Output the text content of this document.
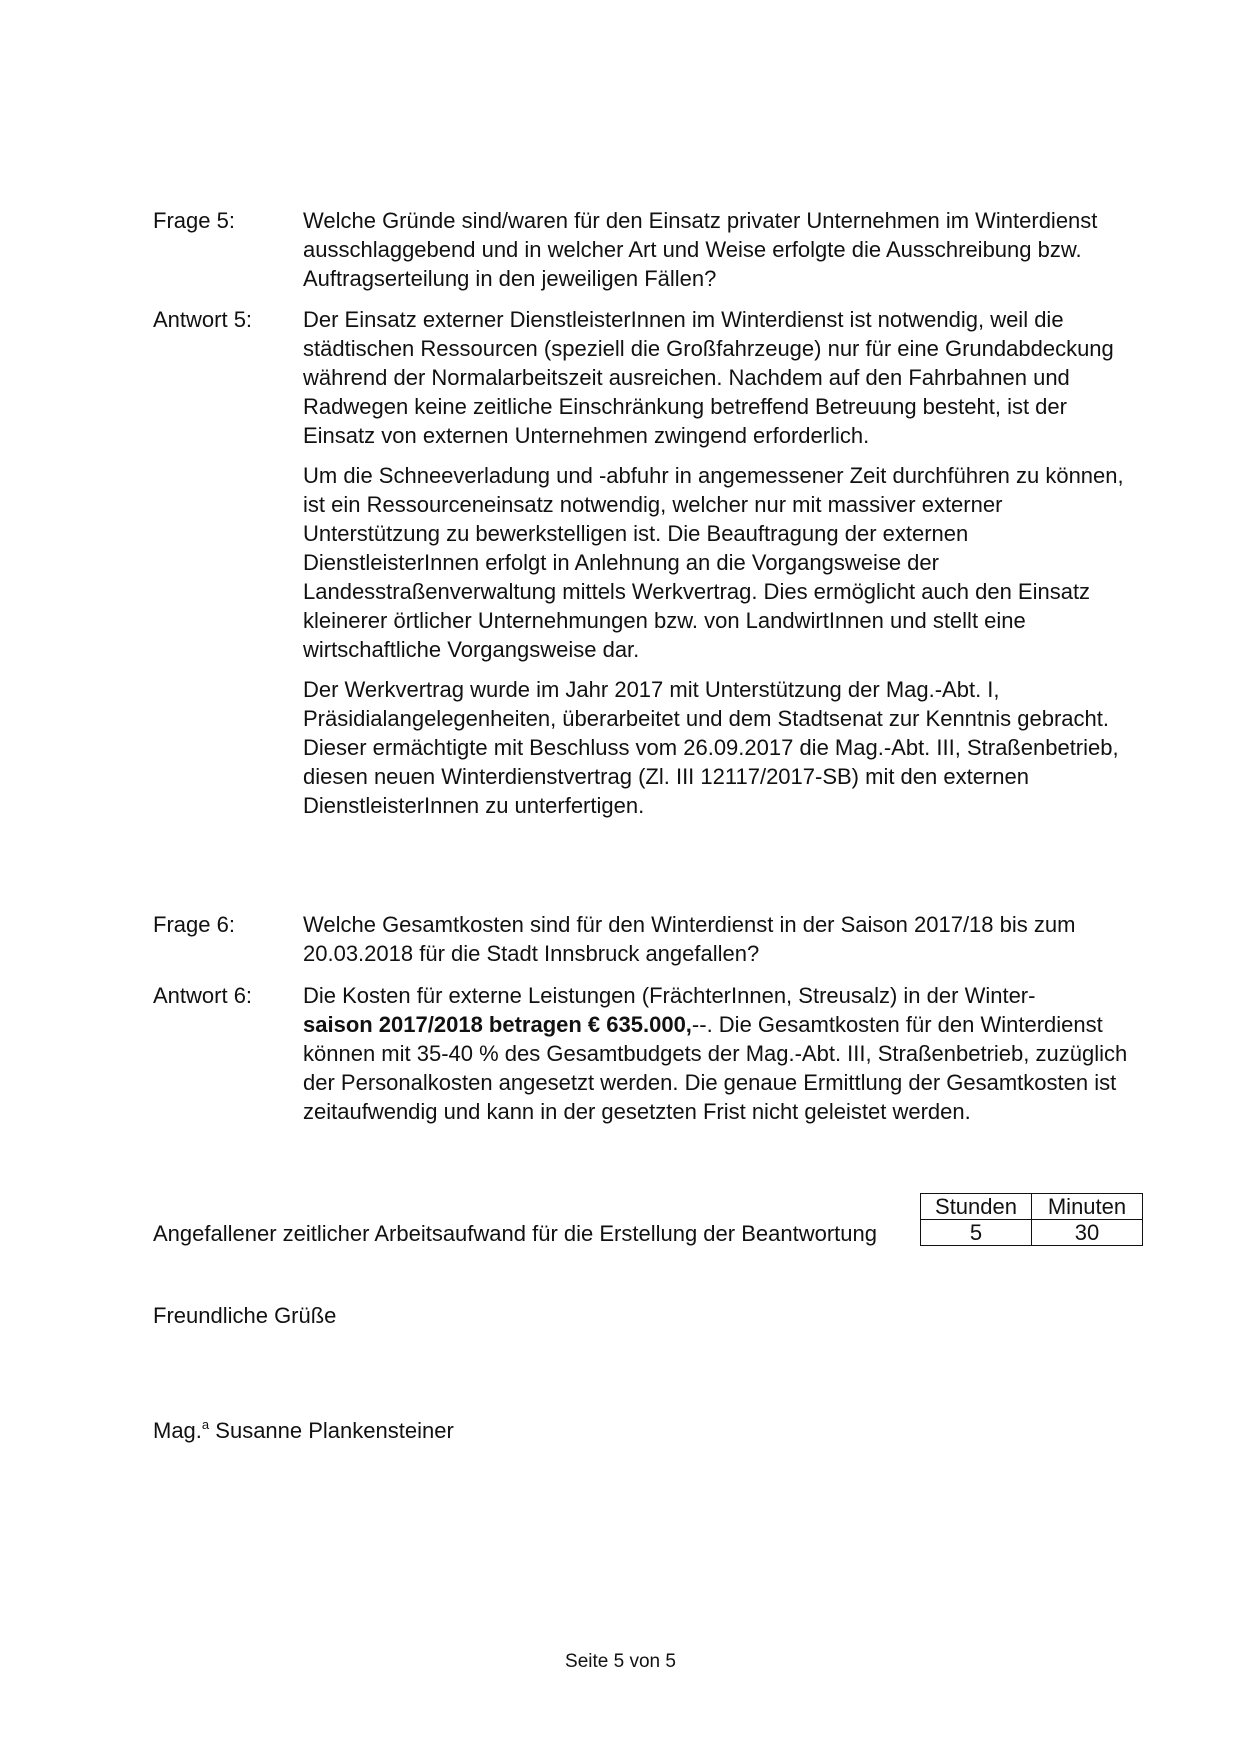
Frage 5:	Welche Gründe sind/waren für den Einsatz privater Unternehmen im Winterdienst ausschlaggebend und in welcher Art und Weise erfolgte die Ausschreibung bzw. Auftragserteilung in den jeweiligen Fällen?

Antwort 5: Der Einsatz externer DienstleisterInnen im Winterdienst ist notwendig, weil die städtischen Ressourcen (speziell die Großfahrzeuge) nur für eine Grundabdeckung während der Normalarbeitszeit ausreichen. Nachdem auf den Fahrbahnen und Radwegen keine zeitliche Einschränkung betreffend Betreuung besteht, ist der Einsatz von externen Unternehmen zwingend erforderlich.

Um die Schneeverladung und -abfuhr in angemessener Zeit durchführen zu können, ist ein Ressourceneinsatz notwendig, welcher nur mit massiver externer Unterstützung zu bewerkstelligen ist. Die Beauftragung der externen DienstleisterInnen erfolgt in Anlehnung an die Vorgangsweise der Landesstraßenverwaltung mittels Werkvertrag. Dies ermöglicht auch den Einsatz kleinerer örtlicher Unternehmungen bzw. von LandwirtInnen und stellt eine wirtschaftliche Vorgangsweise dar.

Der Werkvertrag wurde im Jahr 2017 mit Unterstützung der Mag.-Abt. I, Präsidialangelegenheiten, überarbeitet und dem Stadtsenat zur Kenntnis gebracht. Dieser ermächtigte mit Beschluss vom 26.09.2017 die Mag.-Abt. III, Straßenbetrieb, diesen neuen Winterdienstvertrag (Zl. III 12117/2017-SB) mit den externen DienstleisterInnen zu unterfertigen.

Frage 6:	Welche Gesamtkosten sind für den Winterdienst in der Saison 2017/18 bis zum 20.03.2018 für die Stadt Innsbruck angefallen?

Antwort 6: Die Kosten für externe Leistungen (FrächterInnen, Streusalz) in der Winter-
saison 2017/2018 betragen € 635.000,--. Die Gesamtkosten für den Winterdienst können mit 35-40 % des Gesamtbudgets der Mag.-Abt. III, Straßenbetrieb, zuzüglich der Personalkosten angesetzt werden. Die genaue Ermittlung der Gesamtkosten ist zeitaufwendig und kann in der gesetzten Frist nicht geleistet werden.

Angefallener zeitlicher Arbeitsaufwand für die Erstellung der Beantwortung
Stunden	Minuten
5	30
Freundliche Grüße
Mag.$^a$ Susanne Plankensteiner
Seite 5 von 5
